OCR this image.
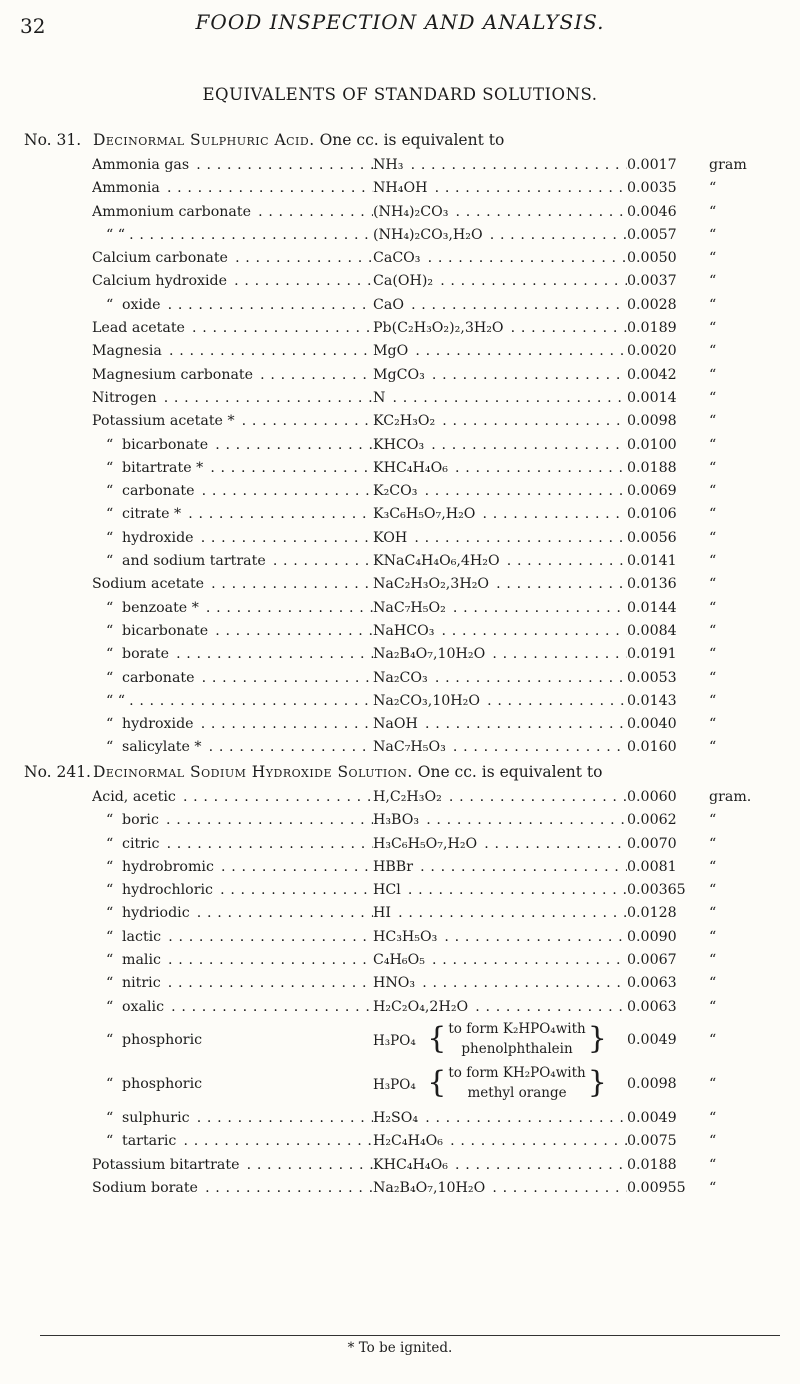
32	FOOD INSPECTION AND ANALYSIS.
EQUIVALENTS OF STANDARD SOLUTIONS.
No. 31. Decinormal Sulphuric Acid. One cc. is equivalent to
Ammonia gas . . .	NH₃ . . .	0.0017	gram
Ammonia . . .	NH₄OH . . .	0.0035	“
Ammonium carbonate . . .	(NH₄)₂CO₃ . . .	0.0046	“
“ “ . . .	(NH₄)₂CO₃,H₂O . . .	0.0057	“
Calcium carbonate . . .	CaCO₃ . . .	0.0050	“
Calcium hydroxide . . .	Ca(OH)₂ . . .	0.0037	“
“ oxide . . .	CaO . . .	0.0028	“
Lead acetate . . .	Pb(C₂H₃O₂)₂,3H₂O . . .	0.0189	“
Magnesia . . .	MgO . . .	0.0020	“
Magnesium carbonate . . .	MgCO₃ . . .	0.0042	“
Nitrogen . . .	N . . .	0.0014	“
Potassium acetate * . . .	KC₂H₃O₂ . . .	0.0098	“
“ bicarbonate . . .	KHCO₃ . . .	0.0100	“
“ bitartrate * . . .	KHC₄H₄O₆ . . .	0.0188	“
“ carbonate . . .	K₂CO₃ . . .	0.0069	“
“ citrate * . . .	K₃C₆H₅O₇,H₂O . . .	0.0106	“
“ hydroxide . . .	KOH . . .	0.0056	“
“ and sodium tartrate . . .	KNaC₄H₄O₆,4H₂O . . .	0.0141	“
Sodium acetate . . .	NaC₂H₃O₂,3H₂O . . .	0.0136	“
“ benzoate * . . .	NaC₇H₅O₂ . . .	0.0144	“
“ bicarbonate . . .	NaHCO₃ . . .	0.0084	“
“ borate . . .	Na₂B₄O₇,10H₂O . . .	0.0191	“
“ carbonate . . .	Na₂CO₃ . . .	0.0053	“
“ “ . . .	Na₂CO₃,10H₂O . . .	0.0143	“
“ hydroxide . . .	NaOH . . .	0.0040	“
“ salicylate * . . .	NaC₇H₅O₃ . . .	0.0160	“
No. 241. Decinormal Sodium Hydroxide Solution. One cc. is equivalent to
Acid, acetic . . .	H,C₂H₃O₂ . . .	0.0060	gram.
“ boric . . .	H₃BO₃ . . .	0.0062	“
“ citric . . .	H₃C₆H₅O₇,H₂O . . .	0.0070	“
“ hydrobromic . . .	HBBr . . .	0.0081	“
“ hydrochloric . . .	HCl . . .	0.00365	“
“ hydriodic . . .	HI . . .	0.0128	“
“ lactic . . .	HC₃H₅O₃ . . .	0.0090	“
“ malic . . .	C₄H₆O₅ . . .	0.0067	“
“ nitric . . .	HNO₃ . . .	0.0063	“
“ oxalic . . .	H₂C₂O₄,2H₂O . . .	0.0063	“
“ phosphoric	H₃PO₄ { to form K₂HPO₄with
phenolphthalein }	0.0049	“
“ phosphoric	H₃PO₄ { to form KH₂PO₄with
methyl orange }	0.0098	“
“ sulphuric . . .	H₂SO₄ . . .	0.0049	“
“ tartaric . . .	H₂C₄H₄O₆ . . .	0.0075	“
Potassium bitartrate . . .	KHC₄H₄O₆ . . .	0.0188	“
Sodium borate . . .	Na₂B₄O₇,10H₂O . . .	0.00955	“
* To be ignited.
